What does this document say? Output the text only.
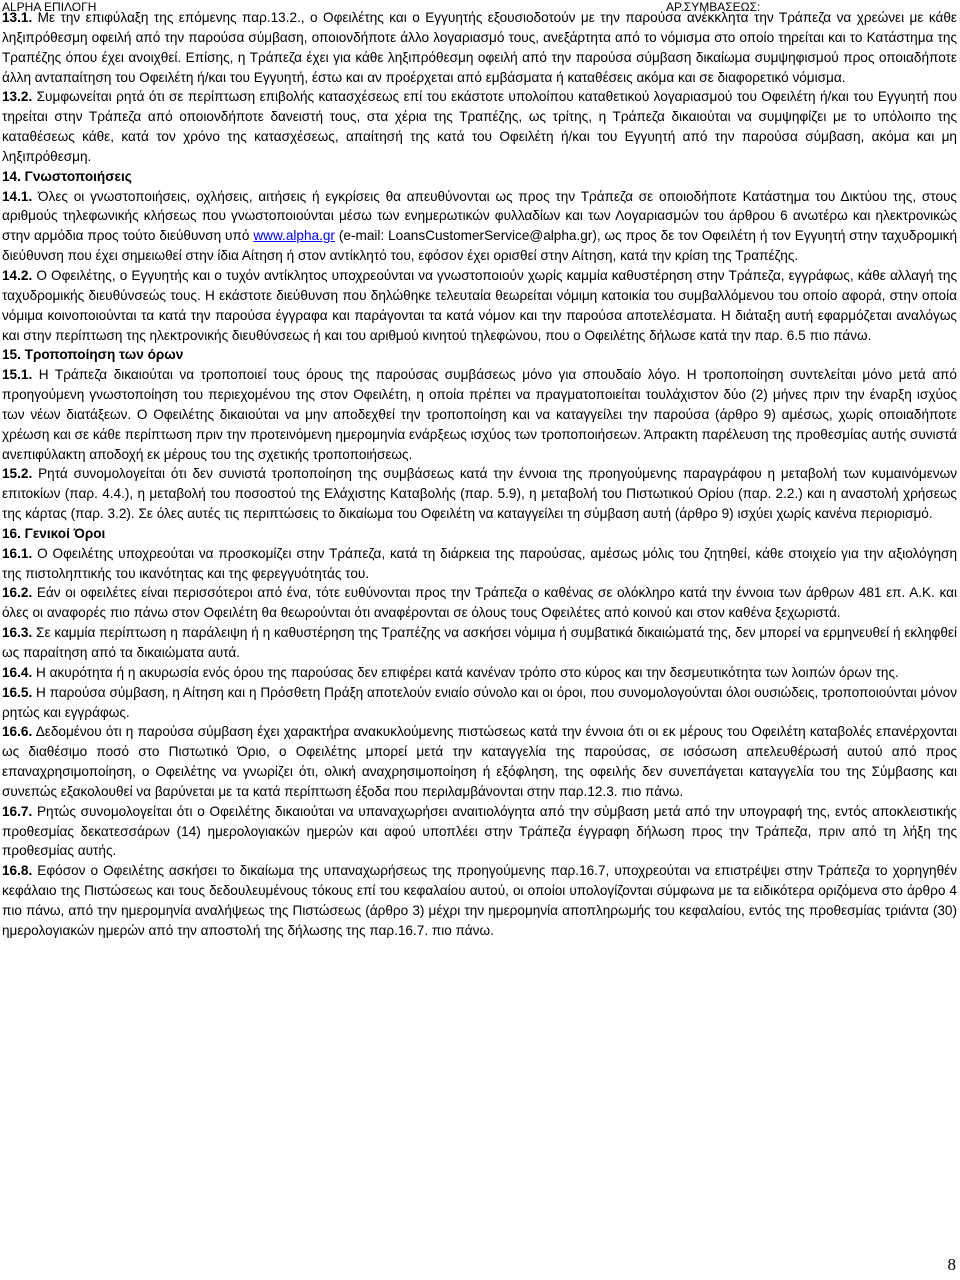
ALPHA ΕΠΙΛΟΓΗ	ΑΡ.ΣΥΜΒΑΣΕΩΣ:

13.1. Με την επιφύλαξη της επόμενης παρ.13.2., ο Οφειλέτης και ο Εγγυητής εξουσιοδοτούν με την παρούσα ανέκκλητα την Τράπεζα να χρεώνει με κάθε ληξιπρόθεσμη οφειλή από την παρούσα σύμβαση, οποιονδήποτε άλλο λογαριασμό τους, ανεξάρτητα από το νόμισμα στο οποίο τηρείται και το Κατάστημα της Τραπέζης όπου έχει ανοιχθεί. Επίσης, η Τράπεζα έχει για κάθε ληξιπρόθεσμη οφειλή από την παρούσα σύμβαση δικαίωμα συμψηφισμού προς οποιαδήποτε άλλη ανταπαίτηση του Οφειλέτη ή/και του Εγγυητή, έστω και αν προέρχεται από εμβάσματα ή καταθέσεις ακόμα και σε διαφορετικό νόμισμα.

13.2. Συμφωνείται ρητά ότι σε περίπτωση επιβολής κατασχέσεως επί του εκάστοτε υπολοίπου καταθετικού λογαριασμού του Οφειλέτη ή/και του Εγγυητή που τηρείται στην Τράπεζα από οποιονδήποτε δανειστή τους, στα χέρια της Τραπέζης, ως τρίτης, η Τράπεζα δικαιούται να συμψηφίζει με το υπόλοιπο της καταθέσεως κάθε, κατά τον χρόνο της κατασχέσεως, απαίτησή της κατά του Οφειλέτη ή/και του Εγγυητή από την παρούσα σύμβαση, ακόμα και μη ληξιπρόθεσμη.

14. Γνωστοποιήσεις

14.1. Όλες οι γνωστοποιήσεις, οχλήσεις, αιτήσεις ή εγκρίσεις θα απευθύνονται ως προς την Τράπεζα σε οποιοδήποτε Κατάστημα του Δικτύου της, στους αριθμούς τηλεφωνικής κλήσεως που γνωστοποιούνται μέσω των ενημερωτικών φυλλαδίων και των Λογαριασμών του άρθρου 6 ανωτέρω και ηλεκτρονικώς στην αρμόδια προς τούτο διεύθυνση υπό www.alpha.gr (e-mail: LoansCustomerService@alpha.gr), ως προς δε τον Οφειλέτη ή τον Εγγυητή στην ταχυδρομική διεύθυνση που έχει σημειωθεί στην ίδια Αίτηση ή στον αντίκλητό του, εφόσον έχει ορισθεί στην Αίτηση, κατά την κρίση της Τραπέζης.

14.2. Ο Οφειλέτης, ο Εγγυητής και ο τυχόν αντίκλητος υποχρεούνται να γνωστοποιούν χωρίς καμμία καθυστέρηση στην Τράπεζα, εγγράφως, κάθε αλλαγή της ταχυδρομικής διευθύνσεώς τους. Η εκάστοτε διεύθυνση που δηλώθηκε τελευταία θεωρείται νόμιμη κατοικία του συμβαλλόμενου του οποίο αφορά, στην οποία νόμιμα κοινοποιούνται τα κατά την παρούσα έγγραφα και παράγονται τα κατά νόμον και την παρούσα αποτελέσματα. Η διάταξη αυτή εφαρμόζεται αναλόγως και στην περίπτωση της ηλεκτρονικής διευθύνσεως ή και του αριθμού κινητού τηλεφώνου, που ο Οφειλέτης δήλωσε κατά την παρ. 6.5 πιο πάνω.

15. Τροποποίηση των όρων

15.1. Η Τράπεζα δικαιούται να τροποποιεί τους όρους της παρούσας συμβάσεως μόνο για σπουδαίο λόγο. Η τροποποίηση συντελείται μόνο μετά από προηγούμενη γνωστοποίηση του περιεχομένου της στον Οφειλέτη, η οποία πρέπει να πραγματοποιείται τουλάχιστον δύο (2) μήνες πριν την έναρξη ισχύος των νέων διατάξεων. Ο Οφειλέτης δικαιούται να μην αποδεχθεί την τροποποίηση και να καταγγείλει την παρούσα (άρθρο 9) αμέσως, χωρίς οποιαδήποτε χρέωση και σε κάθε περίπτωση πριν την προτεινόμενη ημερομηνία ενάρξεως ισχύος των τροποποιήσεων. Άπρακτη παρέλευση της προθεσμίας αυτής συνιστά ανεπιφύλακτη αποδοχή εκ μέρους του της σχετικής τροποποιήσεως.

15.2. Ρητά συνομολογείται ότι δεν συνιστά τροποποίηση της συμβάσεως κατά την έννοια της προηγούμενης παραγράφου η μεταβολή των κυμαινόμενων επιτοκίων (παρ. 4.4.), η μεταβολή του ποσοστού της Ελάχιστης Καταβολής (παρ. 5.9), η μεταβολή του Πιστωτικού Ορίου (παρ. 2.2.) και η αναστολή χρήσεως της κάρτας (παρ. 3.2). Σε όλες αυτές τις περιπτώσεις το δικαίωμα του Οφειλέτη να καταγγείλει τη σύμβαση αυτή (άρθρο 9) ισχύει χωρίς κανένα περιορισμό.

16. Γενικοί Όροι

16.1. Ο Οφειλέτης υποχρεούται να προσκομίζει στην Τράπεζα, κατά τη διάρκεια της παρούσας, αμέσως μόλις του ζητηθεί, κάθε στοιχείο για την αξιολόγηση της πιστοληπτικής του ικανότητας και της φερεγγυότητάς του.

16.2. Εάν οι οφειλέτες είναι περισσότεροι από ένα, τότε ευθύνονται προς την Τράπεζα ο καθένας σε ολόκληρο κατά την έννοια των άρθρων 481 επ. Α.Κ. και όλες οι αναφορές πιο πάνω στον Οφειλέτη θα θεωρούνται ότι αναφέρονται σε όλους τους Οφειλέτες από κοινού και στον καθένα ξεχωριστά.

16.3. Σε καμμία περίπτωση η παράλειψη ή η καθυστέρηση της Τραπέζης να ασκήσει νόμιμα ή συμβατικά δικαιώματά της, δεν μπορεί να ερμηνευθεί ή εκληφθεί ως παραίτηση από τα δικαιώματα αυτά.

16.4. Η ακυρότητα ή η ακυρωσία ενός όρου της παρούσας δεν επιφέρει κατά κανέναν τρόπο στο κύρος και την δεσμευτικότητα των λοιπών όρων της.

16.5. Η παρούσα σύμβαση, η Αίτηση και η Πρόσθετη Πράξη αποτελούν ενιαίο σύνολο και οι όροι, που συνομολογούνται όλοι ουσιώδεις, τροποποιούνται μόνον ρητώς και εγγράφως.

16.6. Δεδομένου ότι η παρούσα σύμβαση έχει χαρακτήρα ανακυκλούμενης πιστώσεως κατά την έννοια ότι οι εκ μέρους του Οφειλέτη καταβολές επανέρχονται ως διαθέσιμο ποσό στο Πιστωτικό Όριο, ο Οφειλέτης μπορεί μετά την καταγγελία της παρούσας, σε ισόσωση απελευθέρωσή αυτού από προς επαναχρησιμοποίηση, ο Οφειλέτης να γνωρίζει ότι, ολική αναχρησιμοποίηση ή εξόφληση, της οφειλής δεν συνεπάγεται καταγγελία του της Σύμβασης και συνεπώς εξακολουθεί να βαρύνεται με τα κατά περίπτωση έξοδα που περιλαμβάνονται στην παρ.12.3. πιο πάνω.

16.7. Ρητώς συνομολογείται ότι ο Οφειλέτης δικαιούται να υπαναχωρήσει αναιτιολόγητα από την σύμβαση μετά από την υπογραφή της, εντός αποκλειστικής προθεσμίας δεκατεσσάρων (14) ημερολογιακών ημερών και αφού υποπλέει στην Τράπεζα έγγραφη δήλωση προς την Τράπεζα, πριν από τη λήξη της προθεσμίας αυτής.

16.8. Εφόσον ο Οφειλέτης ασκήσει το δικαίωμα της υπαναχωρήσεως της προηγούμενης παρ.16.7, υποχρεούται να επιστρέψει στην Τράπεζα το χορηγηθέν κεφάλαιο της Πιστώσεως και τους δεδουλευμένους τόκους επί του κεφαλαίου αυτού, οι οποίοι υπολογίζονται σύμφωνα με τα ειδικότερα οριζόμενα στο άρθρο 4 πιο πάνω, από την ημερομηνία αναλήψεως της Πιστώσεως (άρθρο 3) μέχρι την ημερομηνία αποπληρωμής του κεφαλαίου, εντός της προθεσμίας τριάντα (30) ημερολογιακών ημερών από την αποστολή της δήλωσης της παρ.16.7. πιο πάνω.

8
